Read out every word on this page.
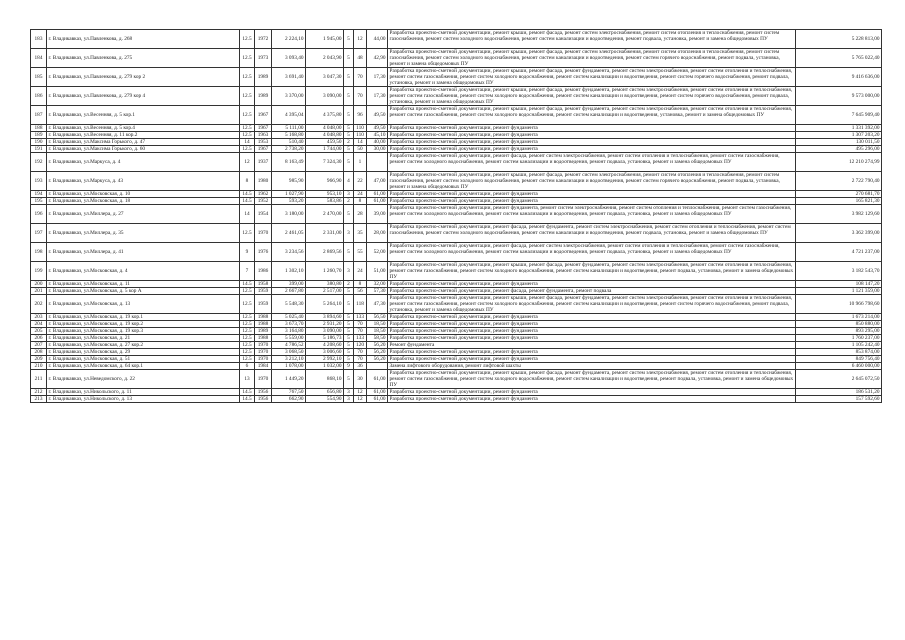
183	г. Владикавказ, ул.Павленкова, д. 268	12.5	1972	2 224,10	1 945,00	5	12	44,00	Разработка проектно-сметной документации, ремонт крыши, ремонт фасада, ремонт систем электроснабжения, ремонт систем отопления и теплоснабжения, ремонт систем газоснабжения, ремонт систем холодного водоснабжения, ремонт систем канализации и водоотведения, ремонт подвала, установка, ремонт и замена общедомовых ПУ	5 228 813,00
184	г. Владикавказ, ул.Павленкова, д. 275	12.5	1973	3 093,40	2 043,90	5	48	42,90	Разработка проектно-сметной документации, ремонт крыши, ремонт фасада, ремонт систем электроснабжения, ремонт систем отопления и теплоснабжения, ремонт систем газоснабжения, ремонт систем холодного водоснабжения, ремонт систем канализации и водоотведения, ремонт систем горячего водоснабжения, ремонт подвала, установка, ремонт и замена общедомовых ПУ	5 765 022,40
185	г. Владикавказ, ул.Павленкова, д. 279 кор 2	12.5	1989	3 691,40	3 047,30	5	70	17,30	Разработка проектно-сметной документации, ремонт крыши, ремонт фасада, ремонт фундамента, ремонт систем электроснабжения, ремонт систем отопления и теплоснабжения, ремонт систем газоснабжения, ремонт систем холодного водоснабжения, ремонт систем канализации и водоотведения, ремонт систем горячего водоснабжения, ремонт подвала, установка, ремонт и замена общедомовых ПУ	9 416 636,00
186	г. Владикавказ, ул.Павленкова, д. 279 кор 4	12.5	1989	3 370,00	3 090,00	5	70	17,30	Разработка проектно-сметной документации, ремонт крыши, ремонт фасада, ремонт фундамента, ремонт систем электроснабжения, ремонт систем отопления и теплоснабжения, ремонт систем газоснабжения, ремонт систем холодного водоснабжения, ремонт систем канализации и водоотведения, ремонт систем горячего водоснабжения, ремонт подвала, установка, ремонт и замена общедомовых ПУ	9 573 000,00
187	г. Владикавказ, ул.Весенняя, д. 5 кор.1	12.5	1967	4 395,04	4 375,80	5	96	49,50	Разработка проектно-сметной документации, ремонт крыши, ремонт фасада, ремонт фундамента, ремонт систем электроснабжения, ремонт систем отопления и теплоснабжения, ремонт систем газоснабжения, ремонт систем холодного водоснабжения, ремонт систем канализации и водоотведения, установка, ремонт и замена общедомовых ПУ	7 645 909,40
188	г. Владикавказ, ул.Весенняя, д. 5 кор.4	12.5	1967	5 111,00	4 048,00	5	110	49,50	Разработка проектно-сметной документации, ремонт фундамента	1 331 392,00
189	г. Владикавказ, ул.Весенняя, д. 11 кор.2	12.5	1963	5 168,80	4 048,80	5	110	45,10	Разработка проектно-сметной документации, ремонт фундамента	1 307 203,20
190	г. Владикавказ, ул.Максима Горького, д. 47	14	1953	510,40	459,50	2	14	40,00	Разработка проектно-сметной документации, ремонт фундамента	130 011,50
191	г. Владикавказ, ул.Максима Горького, д. 60	12.5	1967	2 738,20	1 744,00	5	50	30,00	Разработка проектно-сметной документации, ремонт фундамента	495 296,00
192	г. Владикавказ, ул.Маркуса, д. 4	12	1937	8 163,49	7 324,30	5	1		Разработка проектно-сметной документации, ремонт фасада, ремонт систем электроснабжения, ремонт систем отопления и теплоснабжения, ремонт систем газоснабжения, ремонт систем холодного водоснабжения, ремонт систем канализации и водоотведения, ремонт подвала, установка, ремонт и замена общедомовых ПУ	12 210 274,99
193	г. Владикавказ, ул.Маркуса, д. 43	8	1980	985,90	966,90	4	22	47,00	Разработка проектно-сметной документации, ремонт крыши, ремонт фасада, ремонт систем электроснабжения, ремонт систем отопления и теплоснабжения, ремонт систем газоснабжения, ремонт систем холодного водоснабжения, ремонт систем канализации и водоотведения, ремонт систем горячего водоснабжения, ремонт подвала, установка, ремонт и замена общедомовых ПУ	2 722 790,40
194	г. Владикавказ, ул.Московская, д. 10	14.5	1962	1 027,90	953,10	3	24	61,00	Разработка проектно-сметной документации, ремонт фундамента	270 681,70
195	г. Владикавказ, ул.Московская, д. 18	14.5	1952	593,20	583,86	2	8	61,00	Разработка проектно-сметной документации, ремонт фундамента	165 821,30
196	г. Владикавказ, ул.Миллера, д. 27	14	1954	3 180,00	2 470,00	5	28	39,00	Разработка проектно-сметной документации, ремонт фундамента, ремонт систем электроснабжения, ремонт систем отопления и теплоснабжения, ремонт систем газоснабжения, ремонт систем холодного водоснабжения, ремонт систем канализации и водоотведения, ремонт подвала, установка, ремонт и замена общедомовых ПУ	3 982 129,60
197	г. Владикавказ, ул.Миллера, д. 35	12.5	1970	2 461,05	2 331,00	3	35	28,00	Разработка проектно-сметной документации, ремонт фасада, ремонт фундамента, ремонт систем электроснабжения, ремонт систем отопления и теплоснабжения, ремонт систем газоснабжения, ремонт систем холодного водоснабжения, ремонт систем канализации и водоотведения, ремонт подвала, установка, ремонт и замена общедомовых ПУ	3 362 399,00
198	г. Владикавказ, ул.Миллера, д. 41	9	1976	3 234,56	2 869,56	5	55	52,00	Разработка проектно-сметной документации, ремонт фасада, ремонт систем электроснабжения, ремонт систем отопления и теплоснабжения, ремонт систем газоснабжения, ремонт систем холодного водоснабжения, ремонт систем канализации и водоотведения, ремонт подвала, установка, ремонт и замена общедомовых ПУ	4 721 237,00
199	г. Владикавказ, ул.Московская, д. 4	7	1986	1 302,10	1 260,70	3	24	51,00	Разработка проектно-сметной документации, ремонт крыши, ремонт фасада, ремонт фундамента, ремонт систем электроснабжения, ремонт систем отопления и теплоснабжения, ремонт систем газоснабжения, ремонт систем холодного водоснабжения, ремонт систем канализации и водоотведения, ремонт подвала, установка, ремонт и замена общедомовых ПУ	3 182 543,70
200	г. Владикавказ, ул.Московская, д. 11	14.5	1958	399,00	380,80	2	8	32,00	Разработка проектно-сметной документации, ремонт фундамента	108 147,20
201	г. Владикавказ, ул.Московская, д. 5 кор А	12.5	1959	2 667,80	2 517,00	5	56	57,30	Разработка проектно-сметной документации, ремонт фасада, ремонт фундамента, ремонт подвала	1 121 359,00
202	г. Владикавказ, ул.Московская, д. 13	12.5	1959	5 548,30	5 264,10	5	118	47,30	Разработка проектно-сметной документации, ремонт крыши, ремонт фасада, ремонт фундамента, ремонт систем электроснабжения, ремонт систем отопления и теплоснабжения, ремонт систем газоснабжения, ремонт систем холодного водоснабжения, ремонт систем канализации и водоотведения, ремонт систем горячего водоснабжения, ремонт подвала, установка, ремонт и замена общедомовых ПУ	10 966 798,60
203	г. Владикавказ, ул.Московская, д. 19 кор.1	12.5	1988	5 025,40	3 894,60	5	133	56,50	Разработка проектно-сметной документации, ремонт фундамента	1 673 214,00
204	г. Владикавказ, ул.Московская, д. 19 кор.2	12.5	1988	3 673,70	2 931,20	5	70	18,50	Разработка проектно-сметной документации, ремонт фундамента	850 880,00
205	г. Владикавказ, ул.Московская, д. 19 кор.3	12.5	1989	3 164,80	3 090,00	5	70	18,50	Разработка проектно-сметной документации, ремонт фундамента	893 295,00
206	г. Владикавказ, ул.Московская, д. 21	12.5	1988	5 559,00	5 186,73	5	133	58,50	Разработка проектно-сметной документации, ремонт фундамента	1 760 237,00
207	г. Владикавказ, ул.Московская, д. 27 кор.2	12.5	1970	4 786,52	4 208,60	5	120	56,20	Ремонт фундамента	1 105 242,40
208	г. Владикавказ, ул.Московская, д. 29	12.5	1970	3 068,50	3 006,60	5	70	56,20	Разработка проектно-сметной документации, ремонт фундамента	853 874,00
209	г. Владикавказ, ул.Московская, д. 51	12.5	1970	3 212,10	2 992,10	5	70	56,20	Разработка проектно-сметной документации, ремонт фундамента	849 756,40
210	г. Владикавказ, ул.Московская, д. 64 кор.1	6	1984	1 078,00	1 032,00	9	36		Замена лифтового оборудования, ремонт лифтовой шахты	6 460 000,00
211	г. Владикавказ, ул.Неведомского, д. 22	13	1970	1 449,20	868,10	5	30	61,00	Разработка проектно-сметной документации, ремонт крыши, ремонт фасада, ремонт фундамента, ремонт систем электроснабжения, ремонт систем отопления и теплоснабжения, ремонт систем газоснабжения, ремонт систем холодного водоснабжения, ремонт систем канализации и водоотведения, ремонт подвала, установка, ремонт и замена общедомовых ПУ	2 645 072,50
212	г. Владикавказ, ул.Никольского, д. 11	14.5	1956	767,50	656,80	3	12	61,00	Разработка проектно-сметной документации, ремонт фундамента	186 531,20
213	г. Владикавказ, ул.Никольского, д. 13	14.5	1956	662,90	554,90	3	12	61,00	Разработка проектно-сметной документации, ремонт фундамента	157 592,60
